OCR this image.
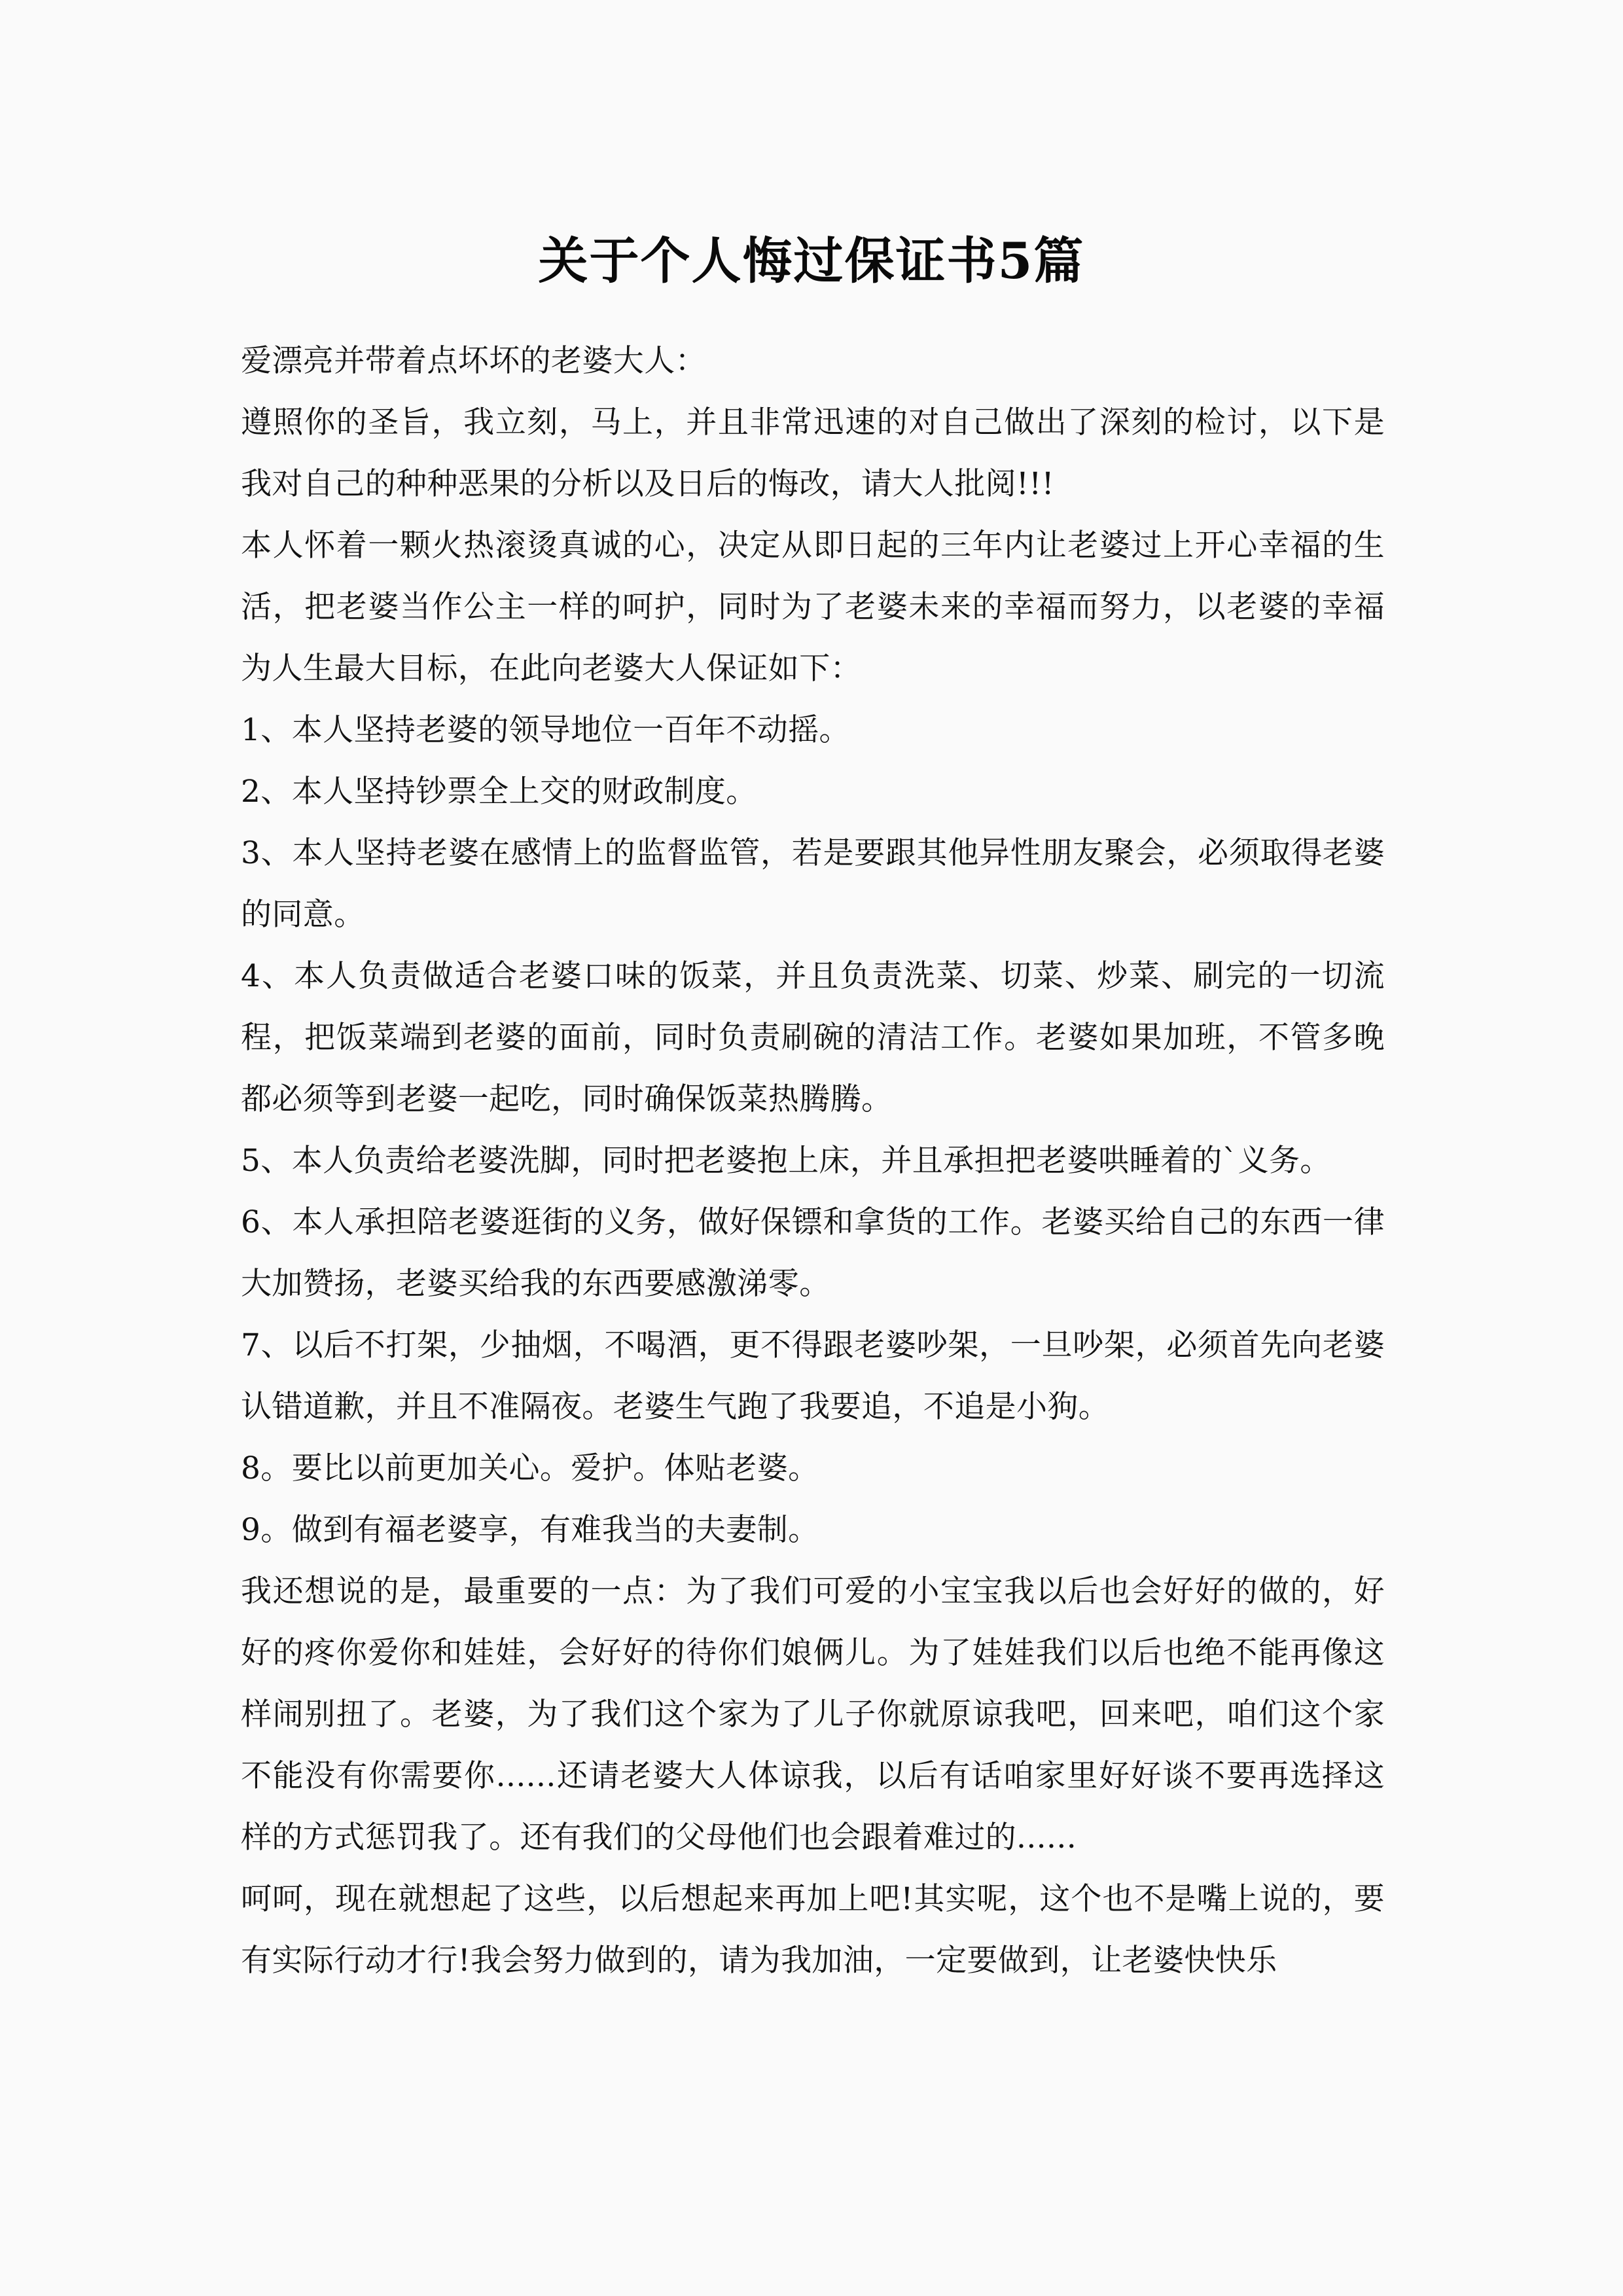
关于个人悔过保证书5篇

爱漂亮并带着点坏坏的老婆大人：

遵照你的圣旨，我立刻，马上，并且非常迅速的对自己做出了深刻的检讨，以下是我对自己的种种恶果的分析以及日后的悔改，请大人批阅!!!

本人怀着一颗火热滚烫真诚的心，决定从即日起的三年内让老婆过上开心幸福的生活，把老婆当作公主一样的呵护，同时为了老婆未来的幸福而努力，以老婆的幸福为人生最大目标，在此向老婆大人保证如下：

1、本人坚持老婆的领导地位一百年不动摇。

2、本人坚持钞票全上交的财政制度。

3、本人坚持老婆在感情上的监督监管，若是要跟其他异性朋友聚会，必须取得老婆的同意。

4、本人负责做适合老婆口味的饭菜，并且负责洗菜、切菜、炒菜、刷完的一切流程，把饭菜端到老婆的面前，同时负责刷碗的清洁工作。老婆如果加班，不管多晚都必须等到老婆一起吃，同时确保饭菜热腾腾。

5、本人负责给老婆洗脚，同时把老婆抱上床，并且承担把老婆哄睡着的`义务。

6、本人承担陪老婆逛街的义务，做好保镖和拿货的工作。老婆买给自己的东西一律大加赞扬，老婆买给我的东西要感激涕零。

7、以后不打架，少抽烟，不喝酒，更不得跟老婆吵架，一旦吵架，必须首先向老婆认错道歉，并且不准隔夜。老婆生气跑了我要追，不追是小狗。

8。要比以前更加关心。爱护。体贴老婆。

9。做到有福老婆享，有难我当的夫妻制。

我还想说的是，最重要的一点：为了我们可爱的小宝宝我以后也会好好的做的，好好的疼你爱你和娃娃，会好好的待你们娘俩儿。为了娃娃我们以后也绝不能再像这样闹别扭了。老婆，为了我们这个家为了儿子你就原谅我吧，回来吧，咱们这个家不能没有你需要你......还请老婆大人体谅我，以后有话咱家里好好谈不要再选择这样的方式惩罚我了。还有我们的父母他们也会跟着难过的......

呵呵，现在就想起了这些，以后想起来再加上吧!其实呢，这个也不是嘴上说的，要有实际行动才行!我会努力做到的，请为我加油，一定要做到，让老婆快快乐
